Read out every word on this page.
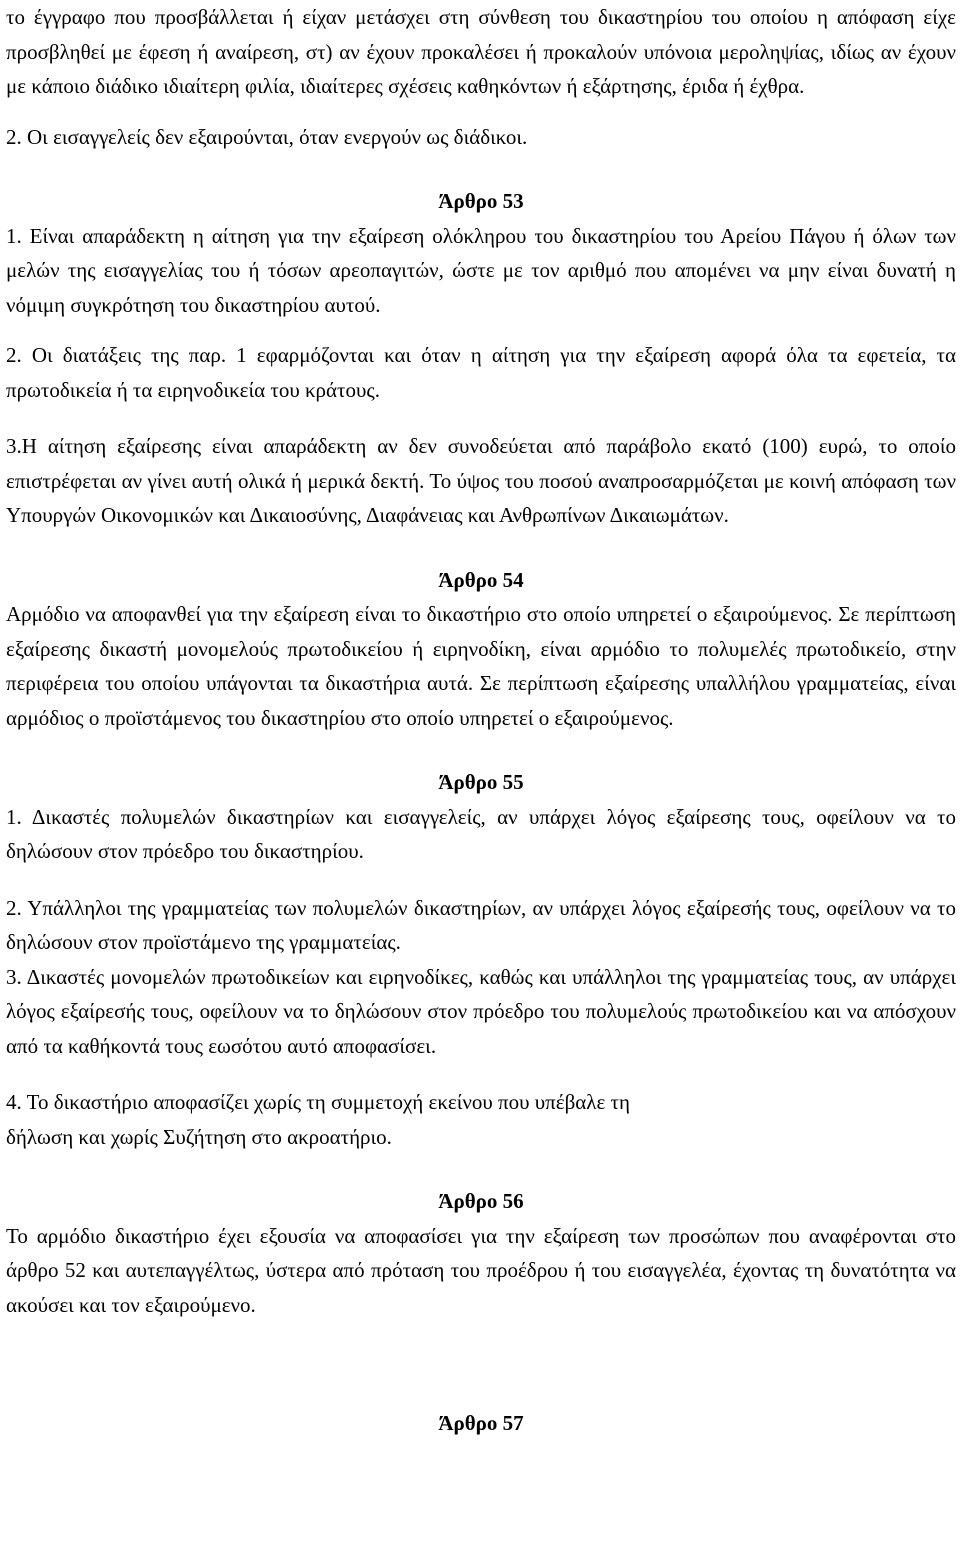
το έγγραφο που προσβάλλεται ή είχαν μετάσχει στη σύνθεση του δικαστηρίου του οποίου η απόφαση είχε προσβληθεί με έφεση ή αναίρεση, στ) αν έχουν προκαλέσει ή προκαλούν υπόνοια μεροληψίας, ιδίως αν έχουν με κάποιο διάδικο ιδιαίτερη φιλία, ιδιαίτερες σχέσεις καθηκόντων ή εξάρτησης, έριδα ή έχθρα.

2. Οι εισαγγελείς δεν εξαιρούνται, όταν ενεργούν ως διάδικοι.

Άρθρο 53

1. Είναι απαράδεκτη η αίτηση για την εξαίρεση ολόκληρου του δικαστηρίου του Αρείου Πάγου ή όλων των μελών της εισαγγελίας του ή τόσων αρεοπαγιτών, ώστε με τον αριθμό που απομένει να μην είναι δυνατή η νόμιμη συγκρότηση του δικαστηρίου αυτού.

2. Οι διατάξεις της παρ. 1 εφαρμόζονται και όταν η αίτηση για την εξαίρεση αφορά όλα τα εφετεία, τα πρωτοδικεία ή τα ειρηνοδικεία του κράτους.

3.Η αίτηση εξαίρεσης είναι απαράδεκτη αν δεν συνοδεύεται από παράβολο εκατό (100) ευρώ, το οποίο επιστρέφεται αν γίνει αυτή ολικά ή μερικά δεκτή. Το ύψος του ποσού αναπροσαρμόζεται με κοινή απόφαση των Υπουργών Οικονομικών και Δικαιοσύνης, Διαφάνειας και Ανθρωπίνων Δικαιωμάτων.

Άρθρο 54

Αρμόδιο να αποφανθεί για την εξαίρεση είναι το δικαστήριο στο οποίο υπηρετεί ο εξαιρούμενος. Σε περίπτωση εξαίρεσης δικαστή μονομελούς πρωτοδικείου ή ειρηνοδίκη, είναι αρμόδιο το πολυμελές πρωτοδικείο, στην περιφέρεια του οποίου υπάγονται τα δικαστήρια αυτά. Σε περίπτωση εξαίρεσης υπαλλήλου γραμματείας, είναι αρμόδιος ο προϊστάμενος του δικαστηρίου στο οποίο υπηρετεί ο εξαιρούμενος.

Άρθρο 55

1. Δικαστές πολυμελών δικαστηρίων και εισαγγελείς, αν υπάρχει λόγος εξαίρεσης τους, οφείλουν να το δηλώσουν στον πρόεδρο του δικαστηρίου.

2. Υπάλληλοι της γραμματείας των πολυμελών δικαστηρίων, αν υπάρχει λόγος εξαίρεσής τους, οφείλουν να το δηλώσουν στον προϊστάμενο της γραμματείας.

3. Δικαστές μονομελών πρωτοδικείων και ειρηνοδίκες, καθώς και υπάλληλοι της γραμματείας τους, αν υπάρχει λόγος εξαίρεσής τους, οφείλουν να το δηλώσουν στον πρόεδρο του πολυμελούς πρωτοδικείου και να απόσχουν από τα καθήκοντά τους εωσότου αυτό αποφασίσει.

4. Το δικαστήριο αποφασίζει χωρίς τη συμμετοχή εκείνου που υπέβαλε τη

δήλωση και χωρίς Συζήτηση στο ακροατήριο.

Άρθρο 56

Το αρμόδιο δικαστήριο έχει εξουσία να αποφασίσει για την εξαίρεση των προσώπων που αναφέρονται στο άρθρο 52 και αυτεπαγγέλτως, ύστερα από πρόταση του προέδρου ή του εισαγγελέα, έχοντας τη δυνατότητα να ακούσει και τον εξαιρούμενο.

Άρθρο 57
